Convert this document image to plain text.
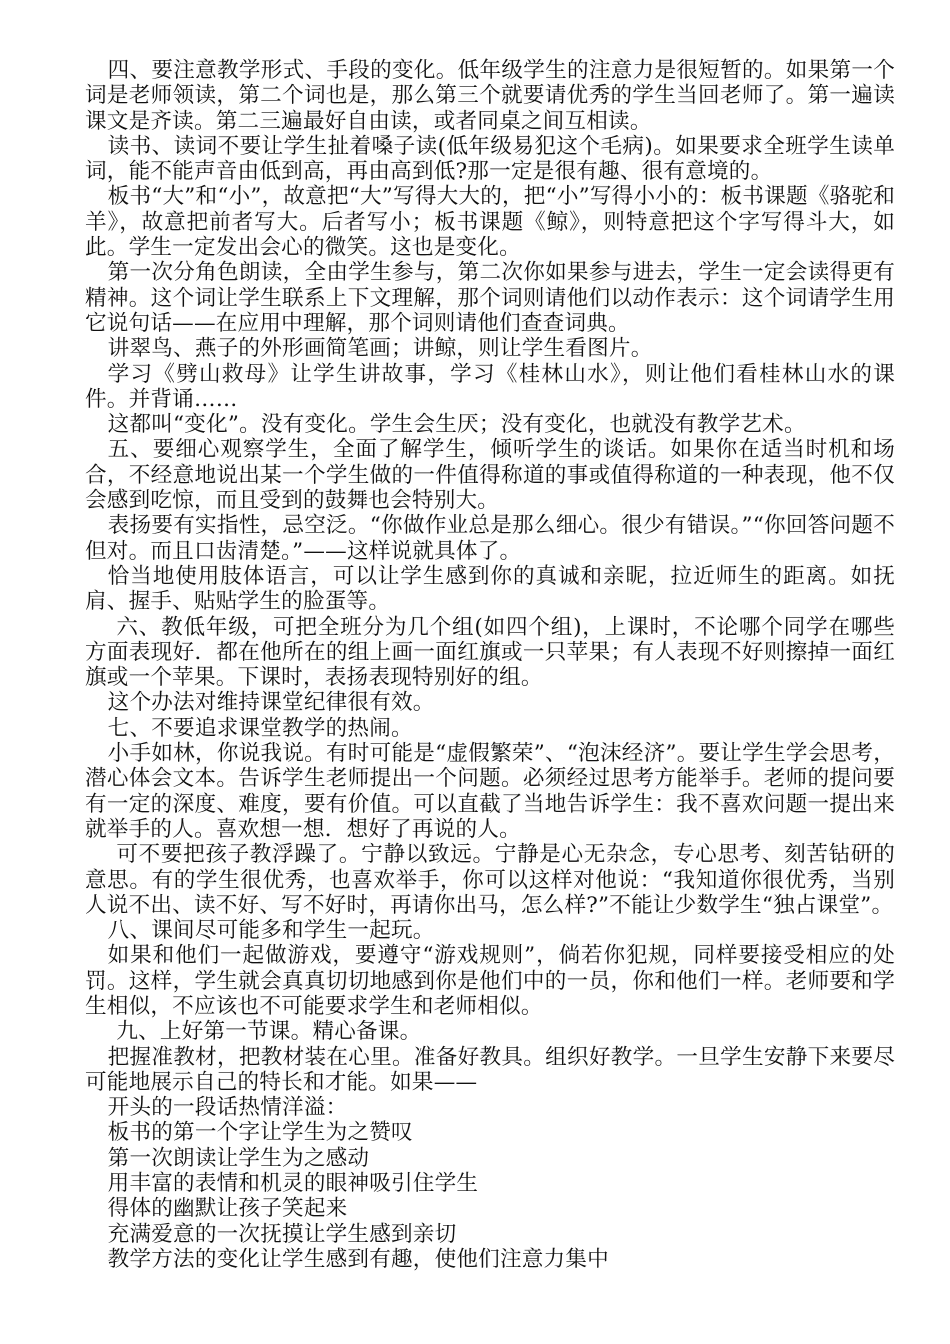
四、要注意教学形式、手段的变化。低年级学生的注意力是很短暂的。如果第一个词是老师领读，第二个词也是，那么第三个就要请优秀的学生当回老师了。第一遍读课文是齐读。第二三遍最好自由读，或者同桌之间互相读。

读书、读词不要让学生扯着嗓子读(低年级易犯这个毛病)。如果要求全班学生读单词，能不能声音由低到高，再由高到低?那一定是很有趣、很有意境的。

板书“大”和“小”，故意把“大”写得大大的，把“小”写得小小的：板书课题《骆驼和羊》，故意把前者写大。后者写小；板书课题《鲸》，则特意把这个字写得斗大，如此。学生一定发出会心的微笑。这也是变化。

第一次分角色朗读，全由学生参与，第二次你如果参与进去，学生一定会读得更有精神。这个词让学生联系上下文理解，那个词则请他们以动作表示：这个词请学生用它说句话——在应用中理解，那个词则请他们查查词典。

讲翠鸟、燕子的外形画简笔画；讲鲸，则让学生看图片。

学习《劈山救母》让学生讲故事，学习《桂林山水》，则让他们看桂林山水的课件。并背诵……

这都叫“变化”。没有变化。学生会生厌；没有变化，也就没有教学艺术。

五、要细心观察学生，全面了解学生，倾听学生的谈话。如果你在适当时机和场合，不经意地说出某一个学生做的一件值得称道的事或值得称道的一种表现，他不仅会感到吃惊，而且受到的鼓舞也会特别大。

表扬要有实指性，忌空泛。“你做作业总是那么细心。很少有错误。”“你回答问题不但对。而且口齿清楚。”——这样说就具体了。

恰当地使用肢体语言，可以让学生感到你的真诚和亲昵，拉近师生的距离。如抚肩、握手、贴贴学生的脸蛋等。

六、教低年级，可把全班分为几个组(如四个组)，上课时，不论哪个同学在哪些方面表现好．都在他所在的组上画一面红旗或一只苹果；有人表现不好则擦掉一面红旗或一个苹果。下课时，表扬表现特别好的组。

这个办法对维持课堂纪律很有效。

七、不要追求课堂教学的热闹。

小手如林，你说我说。有时可能是“虚假繁荣”、“泡沫经济”。要让学生学会思考，潜心体会文本。告诉学生老师提出一个问题。必须经过思考方能举手。老师的提问要有一定的深度、难度，要有价值。可以直截了当地告诉学生：我不喜欢问题一提出来就举手的人。喜欢想一想．想好了再说的人。

可不要把孩子教浮躁了。宁静以致远。宁静是心无杂念，专心思考、刻苦钻研的意思。有的学生很优秀，也喜欢举手，你可以这样对他说：“我知道你很优秀，当别人说不出、读不好、写不好时，再请你出马，怎么样?”不能让少数学生“独占课堂”。

八、课间尽可能多和学生一起玩。

如果和他们一起做游戏，要遵守“游戏规则”，倘若你犯规，同样要接受相应的处罚。这样，学生就会真真切切地感到你是他们中的一员，你和他们一样。老师要和学生相似，不应该也不可能要求学生和老师相似。

九、上好第一节课。精心备课。

把握准教材，把教材装在心里。准备好教具。组织好教学。一旦学生安静下来要尽可能地展示自己的特长和才能。如果——

开头的一段话热情洋溢：

板书的第一个字让学生为之赞叹

第一次朗读让学生为之感动

用丰富的表情和机灵的眼神吸引住学生

得体的幽默让孩子笑起来

充满爱意的一次抚摸让学生感到亲切

教学方法的变化让学生感到有趣，使他们注意力集中
